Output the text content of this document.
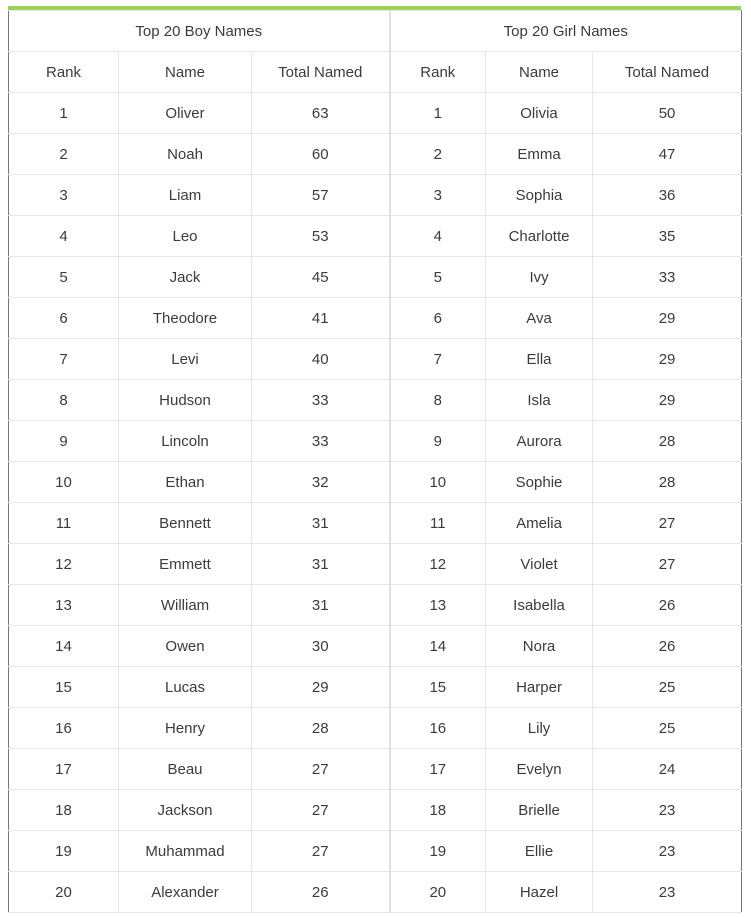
Top 20 Boy Names			Top 20 Girl Names		
Rank	Name	Total Named	Rank	Name	Total Named
1	Oliver	63	1	Olivia	50
2	Noah	60	2	Emma	47
3	Liam	57	3	Sophia	36
4	Leo	53	4	Charlotte	35
5	Jack	45	5	Ivy	33
6	Theodore	41	6	Ava	29
7	Levi	40	7	Ella	29
8	Hudson	33	8	Isla	29
9	Lincoln	33	9	Aurora	28
10	Ethan	32	10	Sophie	28
11	Bennett	31	11	Amelia	27
12	Emmett	31	12	Violet	27
13	William	31	13	Isabella	26
14	Owen	30	14	Nora	26
15	Lucas	29	15	Harper	25
16	Henry	28	16	Lily	25
17	Beau	27	17	Evelyn	24
18	Jackson	27	18	Brielle	23
19	Muhammad	27	19	Ellie	23
20	Alexander	26	20	Hazel	23
